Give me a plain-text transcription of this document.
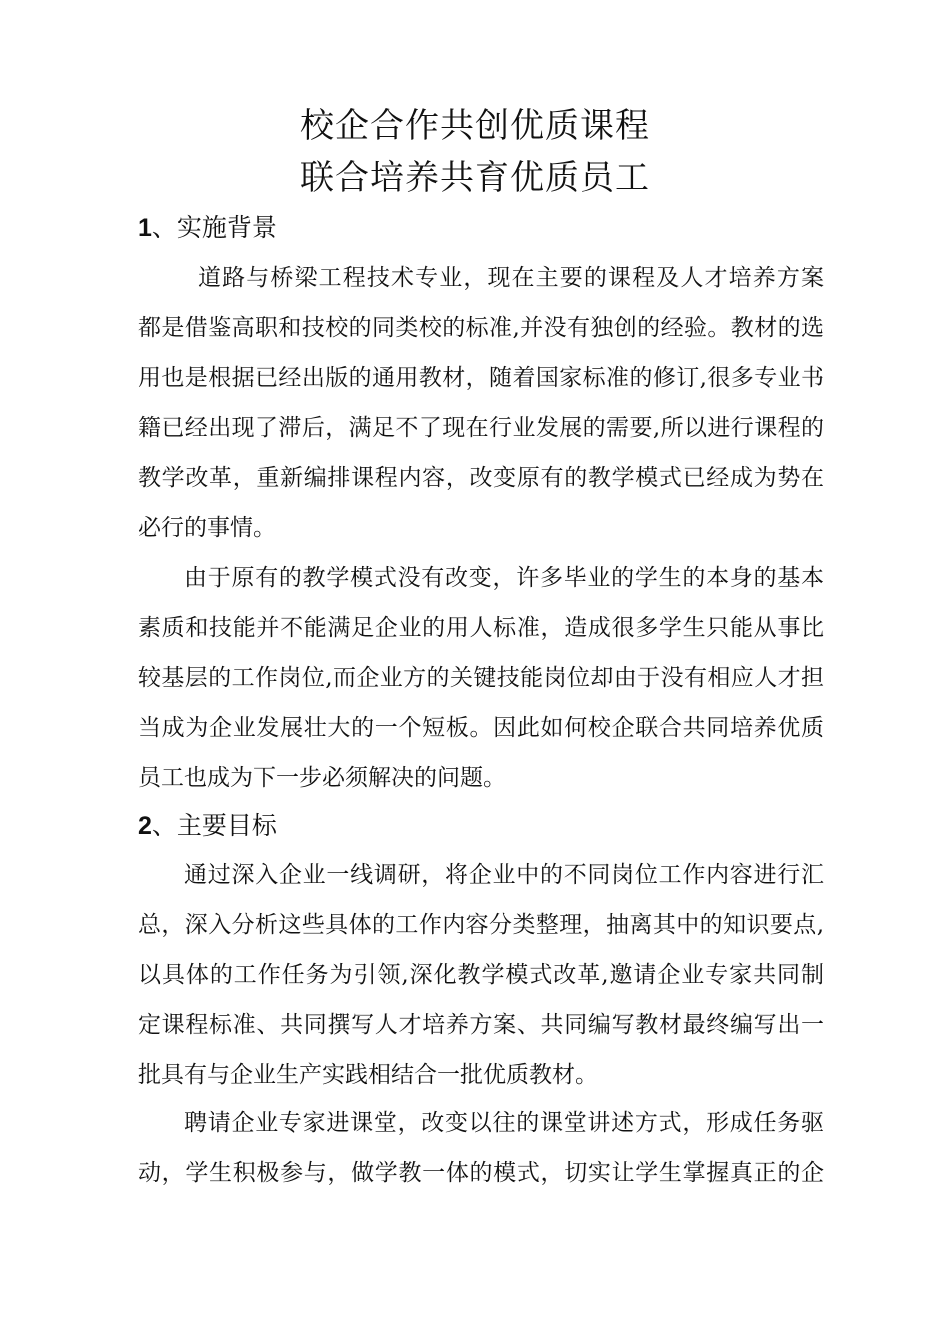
校企合作共创优质课程
联合培养共育优质员工
1、实施背景
道路与桥梁工程技术专业，现在主要的课程及人才培养方案
都是借鉴高职和技校的同类校的标准,并没有独创的经验。教材的选
用也是根据已经出版的通用教材，随着国家标准的修订,很多专业书
籍已经出现了滞后，满足不了现在行业发展的需要,所以进行课程的
教学改革，重新编排课程内容，改变原有的教学模式已经成为势在
必行的事情。
由于原有的教学模式没有改变，许多毕业的学生的本身的基本
素质和技能并不能满足企业的用人标准，造成很多学生只能从事比
较基层的工作岗位,而企业方的关键技能岗位却由于没有相应人才担
当成为企业发展壮大的一个短板。因此如何校企联合共同培养优质
员工也成为下一步必须解决的问题。
2、主要目标
通过深入企业一线调研，将企业中的不同岗位工作内容进行汇
总，深入分析这些具体的工作内容分类整理，抽离其中的知识要点,
以具体的工作任务为引领,深化教学模式改革,邀请企业专家共同制
定课程标准、共同撰写人才培养方案、共同编写教材最终编写出一
批具有与企业生产实践相结合一批优质教材。
聘请企业专家进课堂，改变以往的课堂讲述方式，形成任务驱
动，学生积极参与，做学教一体的模式，切实让学生掌握真正的企
